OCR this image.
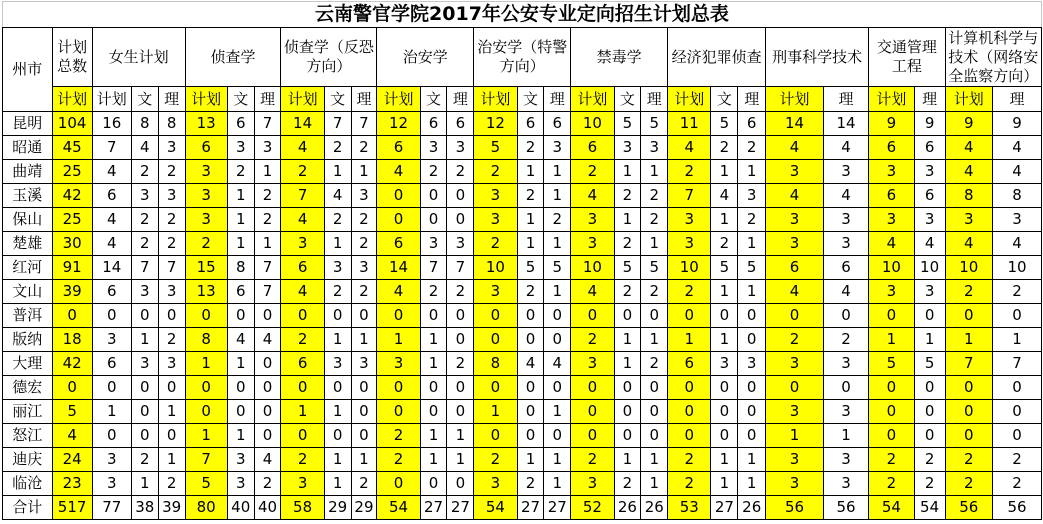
云南警官学院2017年公安专业定向招生计划总表																												
州市	计划总数	女生计划			侦查学			侦查学（反恐方向）			治安学			治安学（特警方向）			禁毒学			经济犯罪侦查			刑事科学技术		交通管理工程		计算机科学与技术（网络安全监察方向）	
	计划	计划	文	理	计划	文	理	计划	文	理	计划	文	理	计划	文	理	计划	文	理	计划	文	理	计划	理	计划	理	计划	理
昆明	104	16	8	8	13	6	7	14	7	7	12	6	6	12	6	6	10	5	5	11	5	6	14	14	9	9	9	9
昭通	45	7	4	3	6	3	3	4	2	2	6	3	3	5	2	3	6	3	3	4	2	2	4	4	6	6	4	4
曲靖	25	4	2	2	3	2	1	2	1	1	4	2	2	2	1	1	2	1	1	2	1	1	3	3	3	3	4	4
玉溪	42	6	3	3	3	1	2	7	4	3	0	0	0	3	2	1	4	2	2	7	4	3	4	4	6	6	8	8
保山	25	4	2	2	3	1	2	4	2	2	0	0	0	3	1	2	3	1	2	3	1	2	3	3	3	3	3	3
楚雄	30	4	2	2	2	1	1	3	1	2	6	3	3	2	1	1	3	2	1	3	2	1	3	3	4	4	4	4
红河	91	14	7	7	15	8	7	6	3	3	14	7	7	10	5	5	10	5	5	10	5	5	6	6	10	10	10	10
文山	39	6	3	3	13	6	7	4	2	2	4	2	2	3	2	1	4	2	2	2	1	1	4	4	3	3	2	2
普洱	0	0	0	0	0	0	0	0	0	0	0	0	0	0	0	0	0	0	0	0	0	0	0	0	0	0	0	0
版纳	18	3	1	2	8	4	4	2	1	1	1	1	0	0	0	0	2	1	1	1	1	0	2	2	1	1	1	1
大理	42	6	3	3	1	1	0	6	3	3	3	1	2	8	4	4	3	1	2	6	3	3	3	3	5	5	7	7
德宏	0	0	0	0	0	0	0	0	0	0	0	0	0	0	0	0	0	0	0	0	0	0	0	0	0	0	0	0
丽江	5	1	0	1	0	0	0	1	1	0	0	0	0	1	0	1	0	0	0	0	0	0	3	3	0	0	0	0
怒江	4	0	0	0	1	1	0	0	0	0	2	1	1	0	0	0	0	0	0	0	0	0	1	1	0	0	0	0
迪庆	24	3	2	1	7	3	4	2	1	1	2	1	1	2	1	1	2	1	1	2	1	1	3	3	2	2	2	2
临沧	23	3	1	2	5	3	2	3	1	2	0	0	0	3	2	1	3	2	1	2	1	1	3	3	2	2	2	2
合计	517	77	38	39	80	40	40	58	29	29	54	27	27	54	27	27	52	26	26	53	27	26	56	56	54	54	56	56
